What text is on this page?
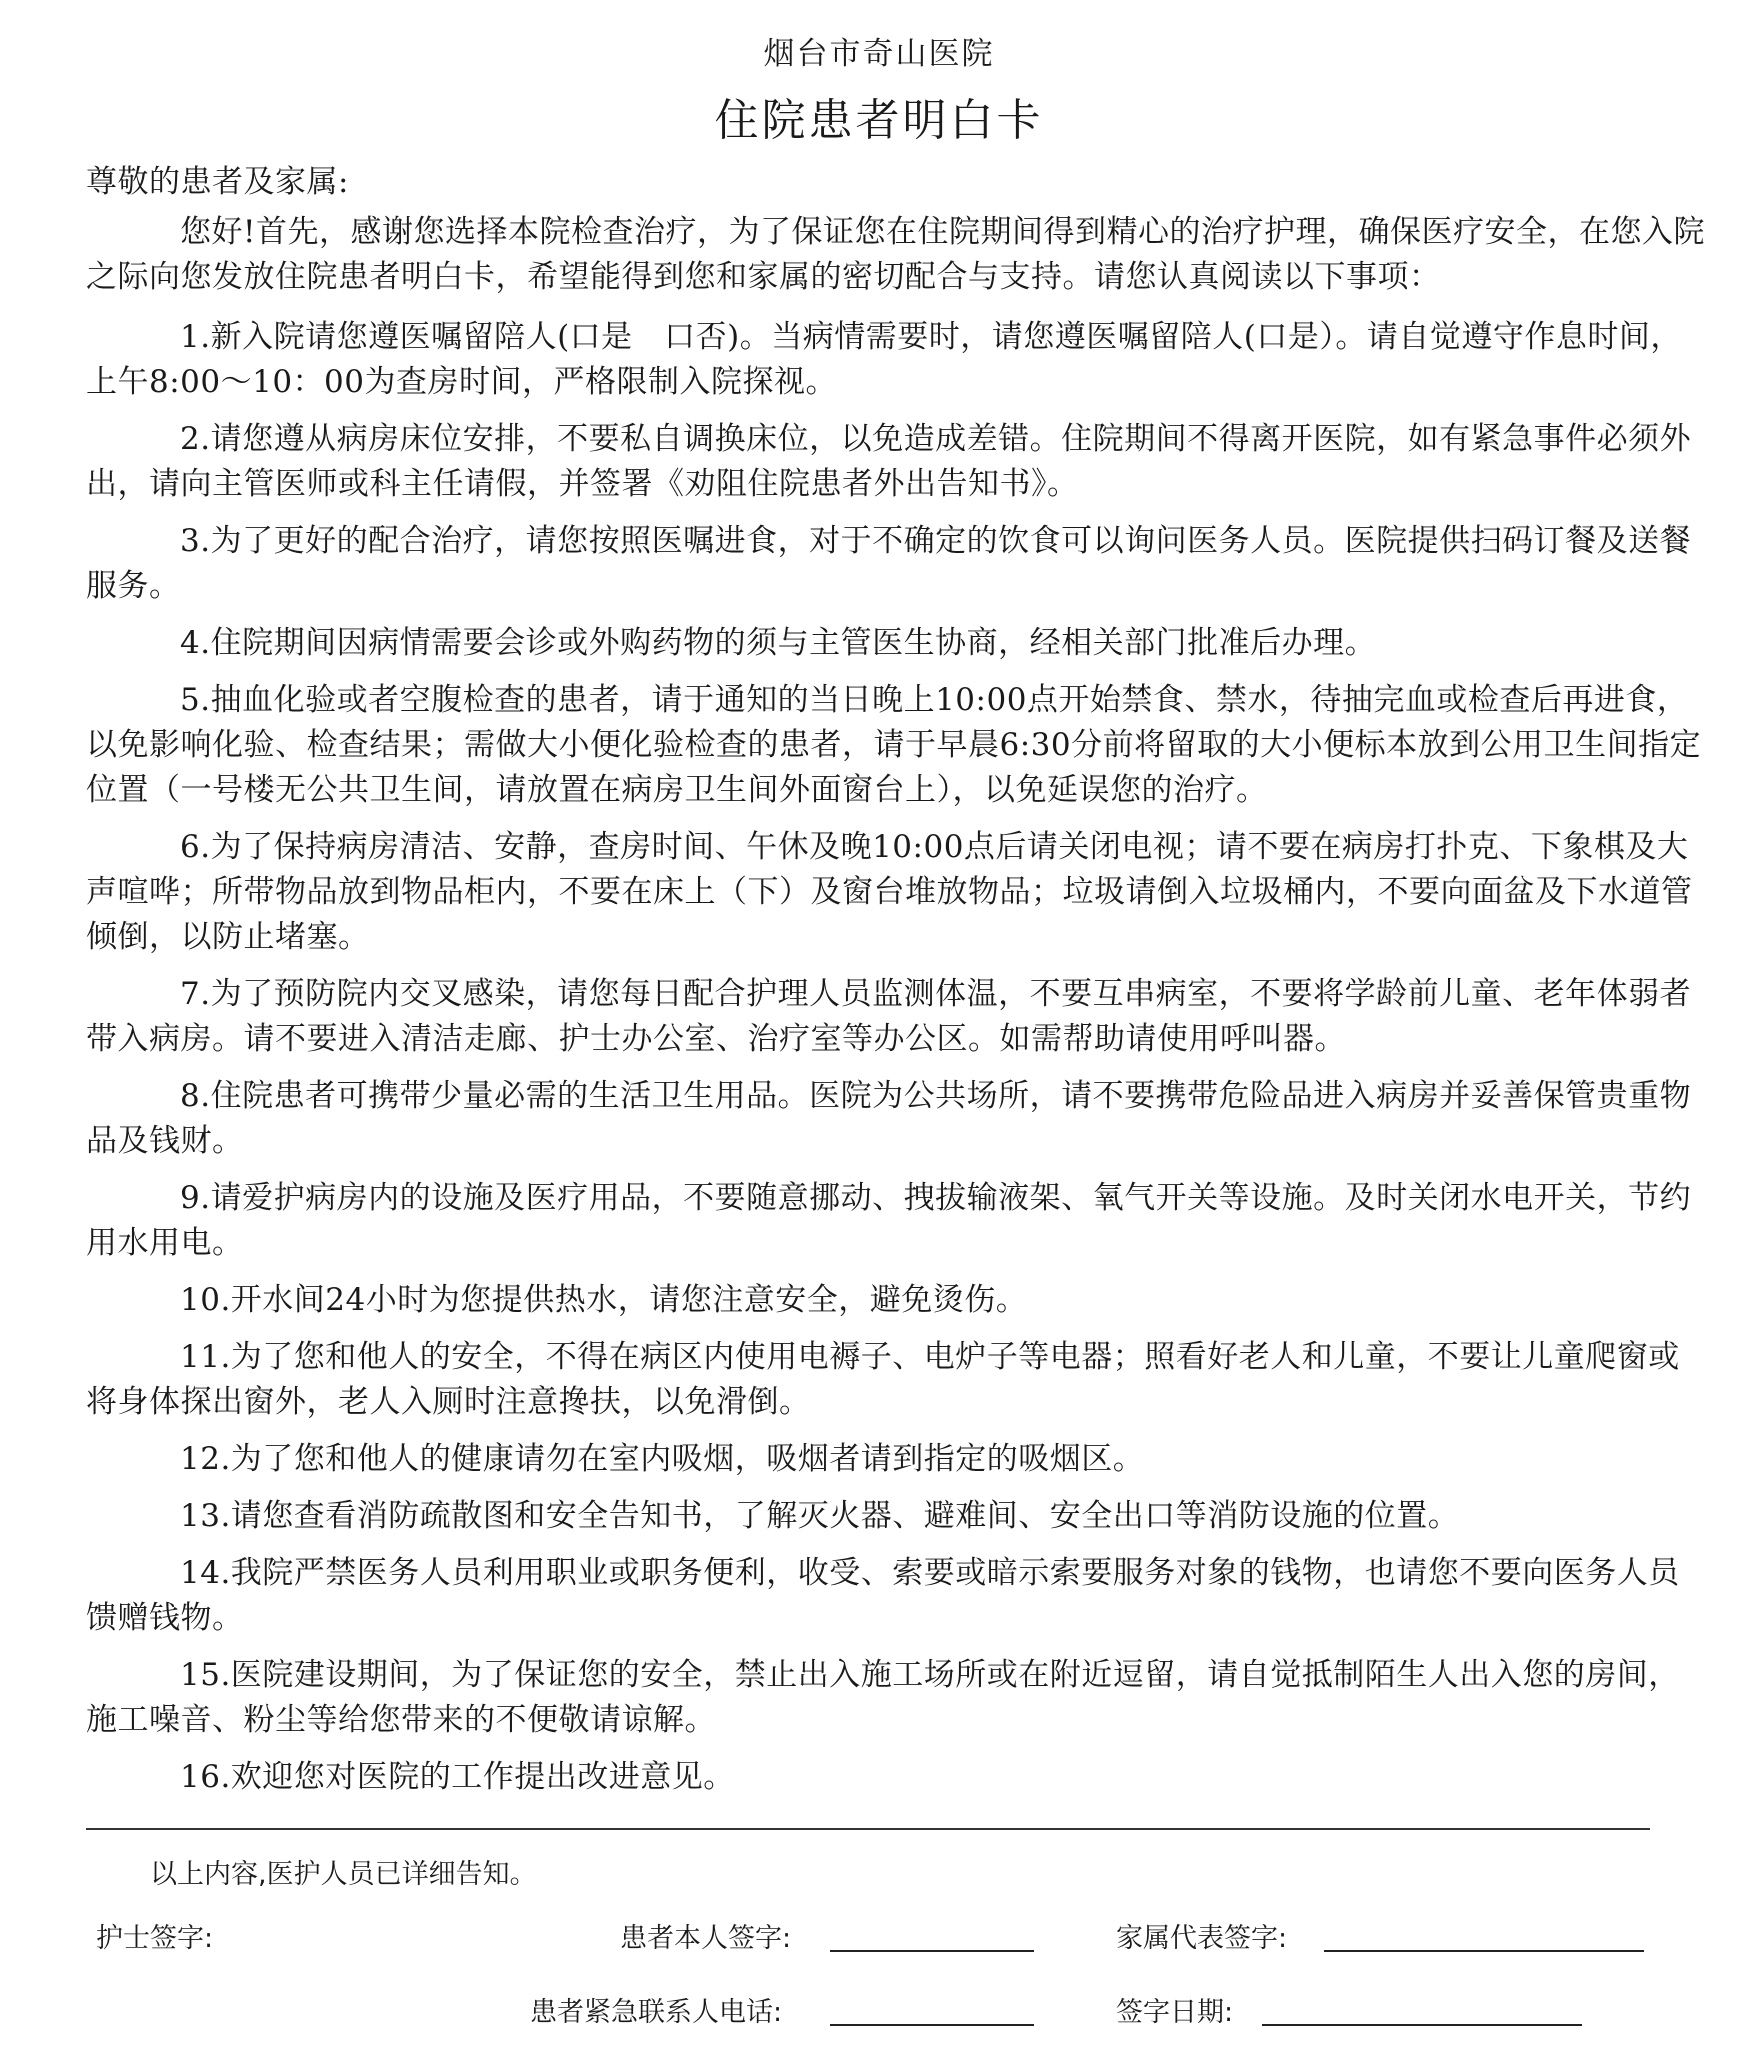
烟台市奇山医院
住院患者明白卡
尊敬的患者及家属:
您好!首先，感谢您选择本院检查治疗，为了保证您在住院期间得到精心的治疗护理，确保医疗安全，在您入院之际向您发放住院患者明白卡，希望能得到您和家属的密切配合与支持。请您认真阅读以下事项：

1.新入院请您遵医嘱留陪人(口是　口否)。当病情需要时，请您遵医嘱留陪人(口是）。请自觉遵守作息时间，上午8:00～10：00为查房时间，严格限制入院探视。

2.请您遵从病房床位安排，不要私自调换床位，以免造成差错。住院期间不得离开医院，如有紧急事件必须外出，请向主管医师或科主任请假，并签署《劝阻住院患者外出告知书》。

3.为了更好的配合治疗，请您按照医嘱进食，对于不确定的饮食可以询问医务人员。医院提供扫码订餐及送餐服务。

4.住院期间因病情需要会诊或外购药物的须与主管医生协商，经相关部门批准后办理。

5.抽血化验或者空腹检查的患者，请于通知的当日晚上10:00点开始禁食、禁水，待抽完血或检查后再进食，以免影响化验、检查结果；需做大小便化验检查的患者，请于早晨6:30分前将留取的大小便标本放到公用卫生间指定位置（一号楼无公共卫生间，请放置在病房卫生间外面窗台上），以免延误您的治疗。

6.为了保持病房清洁、安静，查房时间、午休及晚10:00点后请关闭电视；请不要在病房打扑克、下象棋及大声喧哗；所带物品放到物品柜内，不要在床上（下）及窗台堆放物品；垃圾请倒入垃圾桶内，不要向面盆及下水道管倾倒，以防止堵塞。

7.为了预防院内交叉感染，请您每日配合护理人员监测体温，不要互串病室，不要将学龄前儿童、老年体弱者带入病房。请不要进入清洁走廊、护士办公室、治疗室等办公区。如需帮助请使用呼叫器。

8.住院患者可携带少量必需的生活卫生用品。医院为公共场所，请不要携带危险品进入病房并妥善保管贵重物品及钱财。

9.请爱护病房内的设施及医疗用品，不要随意挪动、拽拔输液架、氧气开关等设施。及时关闭水电开关，节约用水用电。

10.开水间24小时为您提供热水，请您注意安全，避免烫伤。

11.为了您和他人的安全，不得在病区内使用电褥子、电炉子等电器；照看好老人和儿童，不要让儿童爬窗或将身体探出窗外，老人入厕时注意搀扶，以免滑倒。

12.为了您和他人的健康请勿在室内吸烟，吸烟者请到指定的吸烟区。

13.请您查看消防疏散图和安全告知书，了解灭火器、避难间、安全出口等消防设施的位置。

14.我院严禁医务人员利用职业或职务便利，收受、索要或暗示索要服务对象的钱物，也请您不要向医务人员馈赠钱物。

15.医院建设期间，为了保证您的安全，禁止出入施工场所或在附近逗留，请自觉抵制陌生人出入您的房间，施工噪音、粉尘等给您带来的不便敬请谅解。

16.欢迎您对医院的工作提出改进意见。

以上内容,医护人员已详细告知。
护士签字:	患者本人签字:	家属代表签字:
患者紧急联系人电话:	签字日期:
